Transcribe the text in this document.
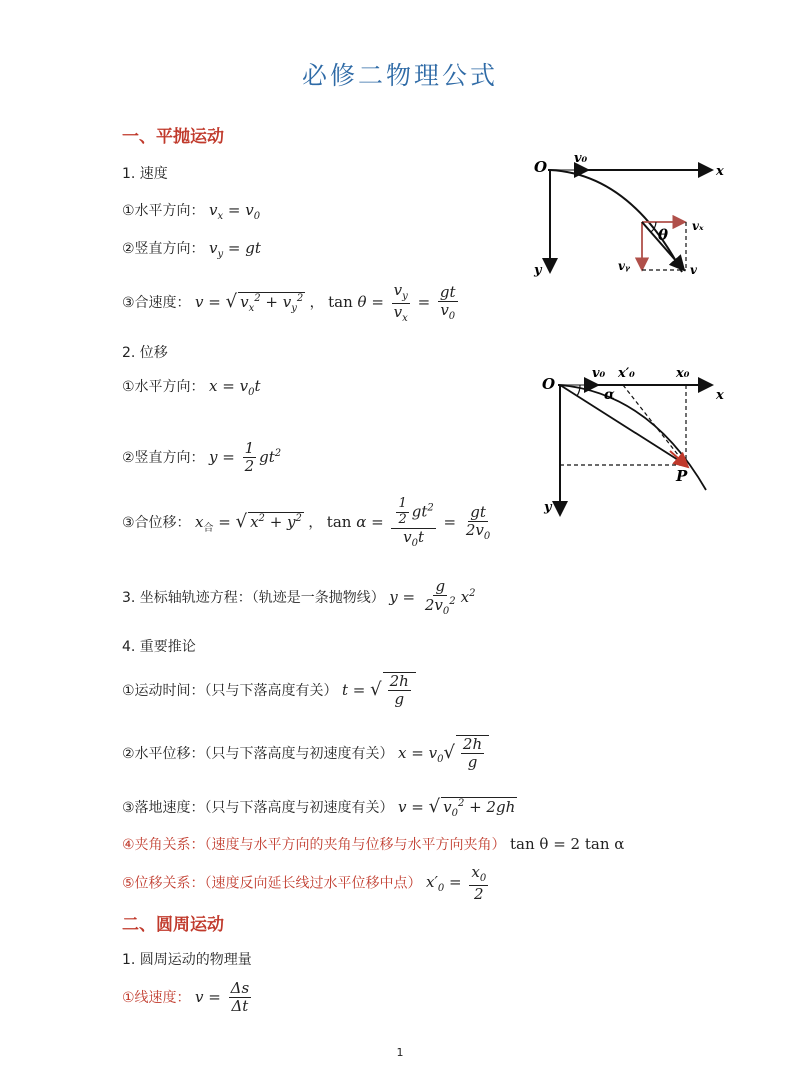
必修二物理公式
一、平抛运动
1. 速度
①水平方向： $v_x = v_0$
②竖直方向： $v_y$ = gt
③合速度： v = √ $v_x^2 + v_y^2$ ， $\tan \theta = \frac{v_y}{v_x} = \frac{gt}{v_0}$
2. 位移
①水平方向： $x = v_0t$
②竖直方向： $y = \frac{1}{2} gt^2$
③合位移： $x_合$ = √ $x^2 + y^2$ ， $\tan \alpha = \frac{\frac{1}{2} gt^2}{v_0t} = \frac{gt}{2v_0}$
3. 坐标轴轨迹方程：（轨迹是一条抛物线） $y = \frac{g}{2v_0^2} x^2$
4. 重要推论
①运动时间：（只与下落高度有关） t = √ $\frac{2h}{g}$
②水平位移：（只与下落高度与初速度有关） $x = v_0√ \frac{2h}{g}$
③落地速度：（只与下落高度与初速度有关） v = √ $v_0^2 + 2gh$
④夹角关系：（速度与水平方向的夹角与位移与水平方向夹角） tan θ = 2 tan α
⑤位移关系：（速度反向延长线过水平位移中点） $x'_0 = \frac{x_0}{2}$
二、圆周运动
1. 圆周运动的物理量
①线速度： $v = \frac{\Delta s}{\Delta t}$
O v₀
x
y
θ vₓ
vᵧ	v
O
v₀ x′₀	x₀
x
y
α
P
1
